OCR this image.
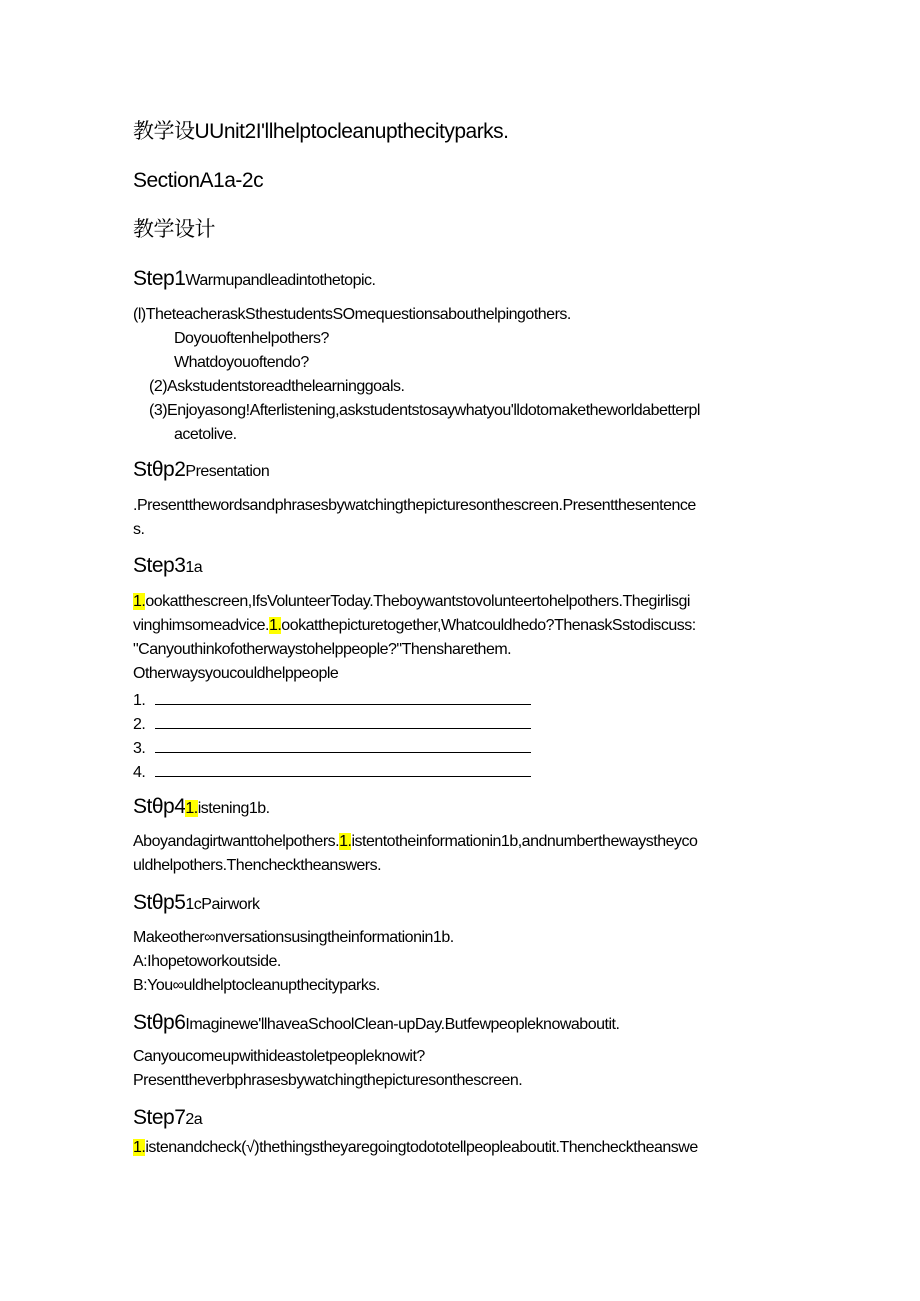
教学设UUnit2I'llhelptocleanupthecityparks.
SectionA1a-2c
教学设计
Step1Warmupandleadintothetopic.
(l)TheteacheraskSthestudentsSOmequestionsabouthelpingothers.
Doyouoftenhelpothers?
Whatdoyouoftendo?
(2)Askstudentstoreadthelearninggoals.
(3)Enjoyasong!Afterlistening,askstudentstosaywhatyou'lldotomaketheworldabetterpl
acetolive.
Stθp2Presentation
.Presentthewordsandphrasesbywatchingthepicturesonthescreen.Presentthesentence
s.
Step31a
1.ookatthescreen,IfsVolunteerToday.Theboywantstovolunteertohelpothers.Thegirlisgi
vinghimsomeadvice.1.ookatthepicturetogether,Whatcouldhedo?ThenaskSstodiscuss:
"Canyouthinkofotherwaystohelppeople?"Thensharethem.
Otherwaysyoucouldhelppeople
1.
2.
3.
4.
Stθp41.istening1b.
Aboyandagirtwanttohelpothers.1.istentotheinformationin1b,andnumberthewaystheyco
uldhelpothers.Thenchecktheanswers.
Stθp51cPairwork
Makeother∞nversationsusingtheinformationin1b.
A:Ihopetoworkoutside.
B:You∞uldhelptocleanupthecityparks.
Stθp6Imaginewe'llhaveaSchoolClean-upDay.Butfewpeopleknowaboutit.
Canyoucomeupwithideastoletpeopleknowit?
Presenttheverbphrasesbywatchingthepicturesonthescreen.
Step72a
1.istenandcheck(√)thethingstheyaregoingtodototellpeopleaboutit.Thenchecktheanswe
